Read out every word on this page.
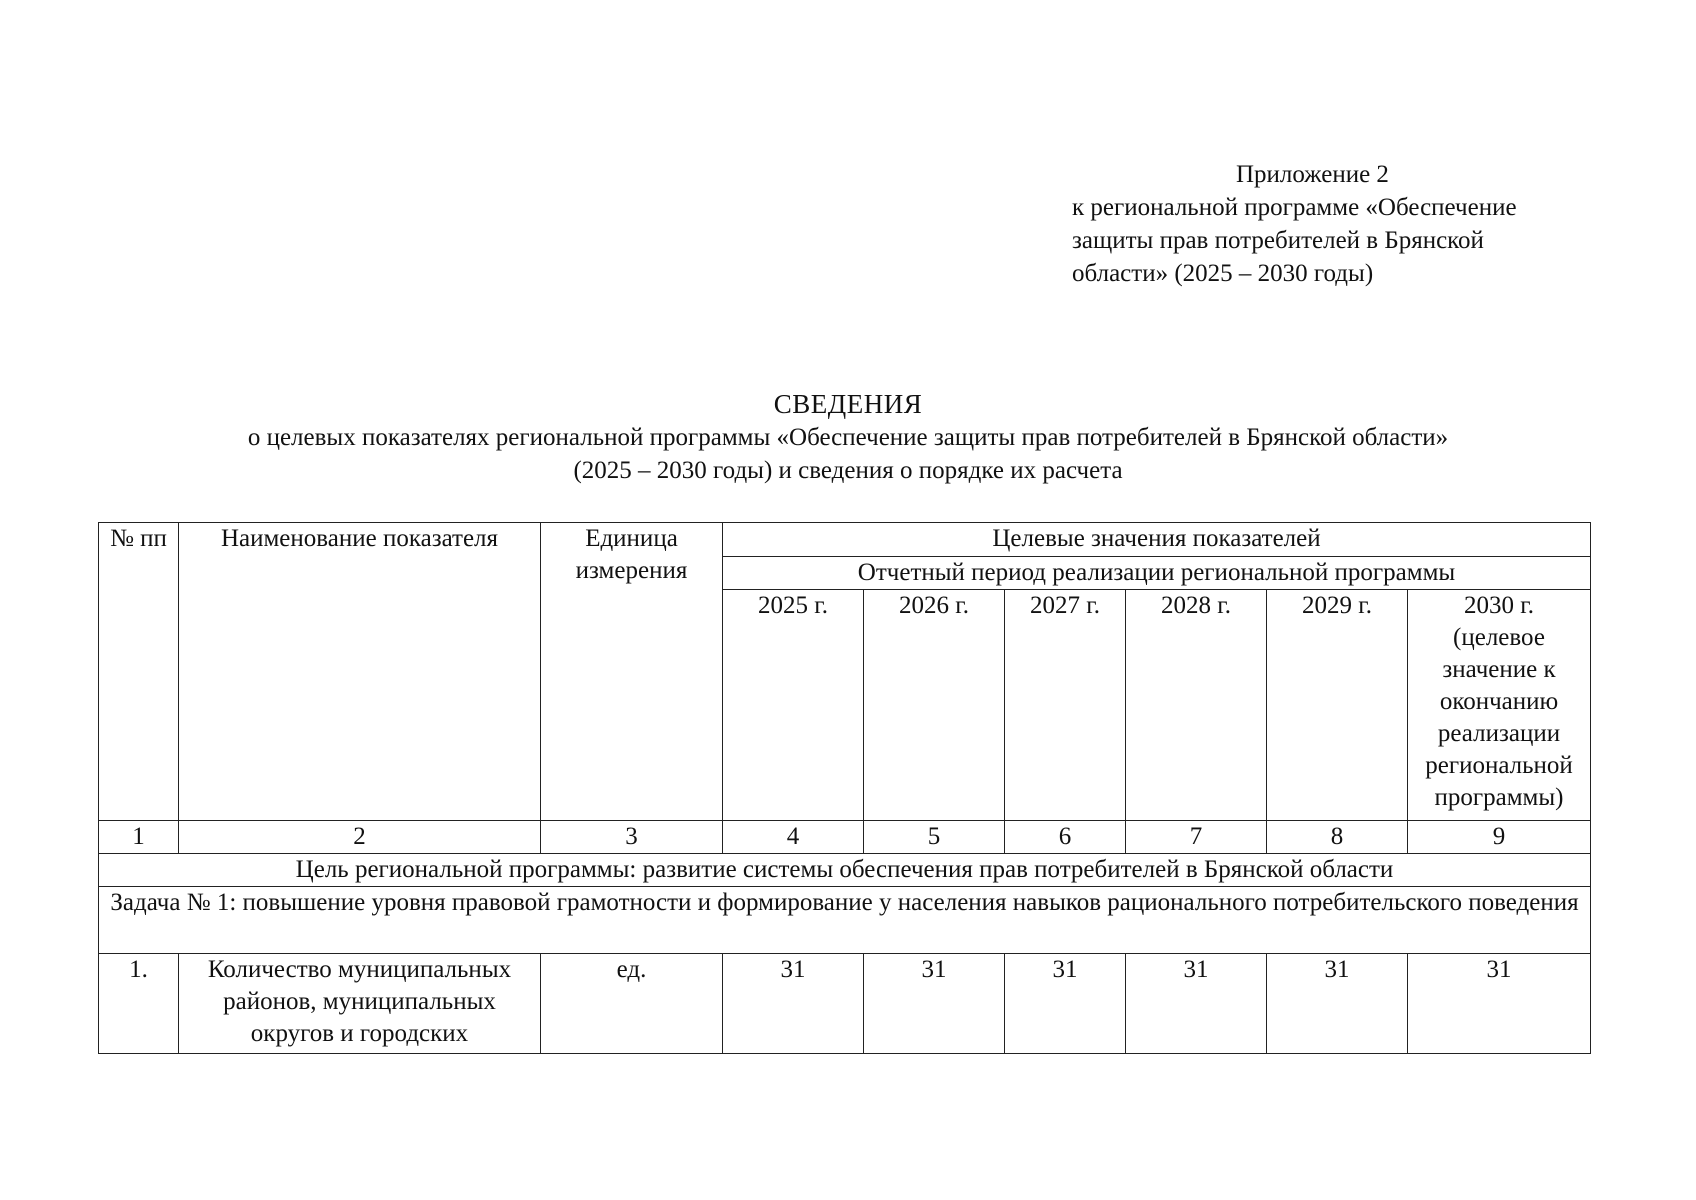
Приложение 2
к региональной программе «Обеспечение
защиты прав потребителей в Брянской
области» (2025 – 2030 годы)
СВЕДЕНИЯ
о целевых показателях региональной программы «Обеспечение защиты прав потребителей в Брянской области»
(2025 – 2030 годы) и сведения о порядке их расчета
№ пп	Наименование показателя	Единица измерения	Целевые значения показателей					
			Отчетный период реализации региональной программы					
			2025 г.	2026 г.	2027 г.	2028 г.	2029 г.	2030 г.
(целевое значение к окончанию реализации региональной программы)

1	2	3	4	5	6	7	8	9
Цель региональной программы: развитие системы обеспечения прав потребителей в Брянской области								
Задача № 1: повышение уровня правовой грамотности и формирование у населения навыков рационального потребительского поведения								
1.	Количество муниципальных районов, муниципальных округов и городских	ед.	31	31	31	31	31	31
